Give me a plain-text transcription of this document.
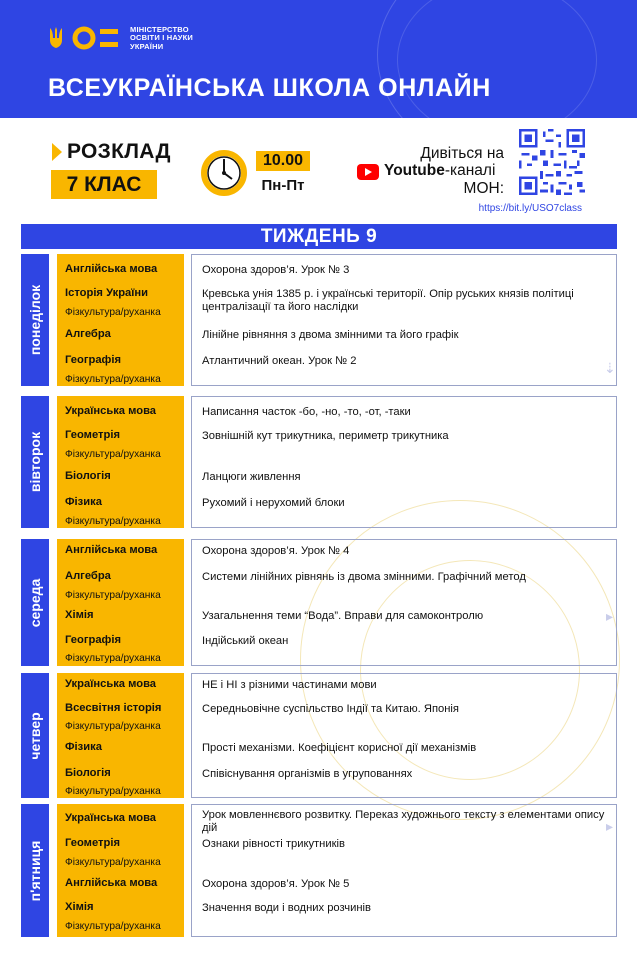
МІНІСТЕРСТВО
ОСВІТИ І НАУКИ
УКРАЇНИ
ВСЕУКРАЇНСЬКА ШКОЛА ОНЛАЙН
РОЗКЛАД
7 КЛАС
10.00
Пн-Пт
Дивіться на
Youtube-каналі
МОН:
https://bit.ly/USO7class
⇣
▸
▸
ТИЖДЕНЬ 9
понеділок
Англійська мова
Історія України
Фізкультура/руханка
Алгебра
Географія
Фізкультура/руханка
Охорона здоров’я. Урок № 3
Кревська унія 1385 р. і українські території. Опір руських князів політиці централізації та його наслідки
Лінійне рівняння з двома змінними та його графік
Атлантичний океан. Урок № 2
вівторок
Українська мова
Геометрія
Фізкультура/руханка
Біологія
Фізика
Фізкультура/руханка
Написання часток -бо, -но, -то, -от, -таки
Зовнішній кут трикутника, периметр трикутника
Ланцюги живлення
Рухомий і нерухомий блоки
середа
Англійська мова
Алгебра
Фізкультура/руханка
Хімія
Географія
Фізкультура/руханка
Охорона здоров’я. Урок № 4
Системи лінійних рівнянь із двома змінними. Графічний метод
Узагальнення теми “Вода”. Вправи для самоконтролю
Індійський океан
четвер
Українська мова
Всесвітня історія
Фізкультура/руханка
Фізика
Біологія
Фізкультура/руханка
НЕ і НІ з різними частинами мови
Середньовічне суспільство Індії та Китаю. Японія
Прості механізми. Коефіцієнт корисної дії механізмів
Співіснування організмів в угрупованнях
п'ятниця
Українська мова
Геометрія
Фізкультура/руханка
Англійська мова
Хімія
Фізкультура/руханка
Урок мовленнєвого розвитку. Переказ художнього тексту з елементами опису дій
Ознаки рівності трикутників
Охорона здоров’я. Урок № 5
Значення води і водних розчинів
